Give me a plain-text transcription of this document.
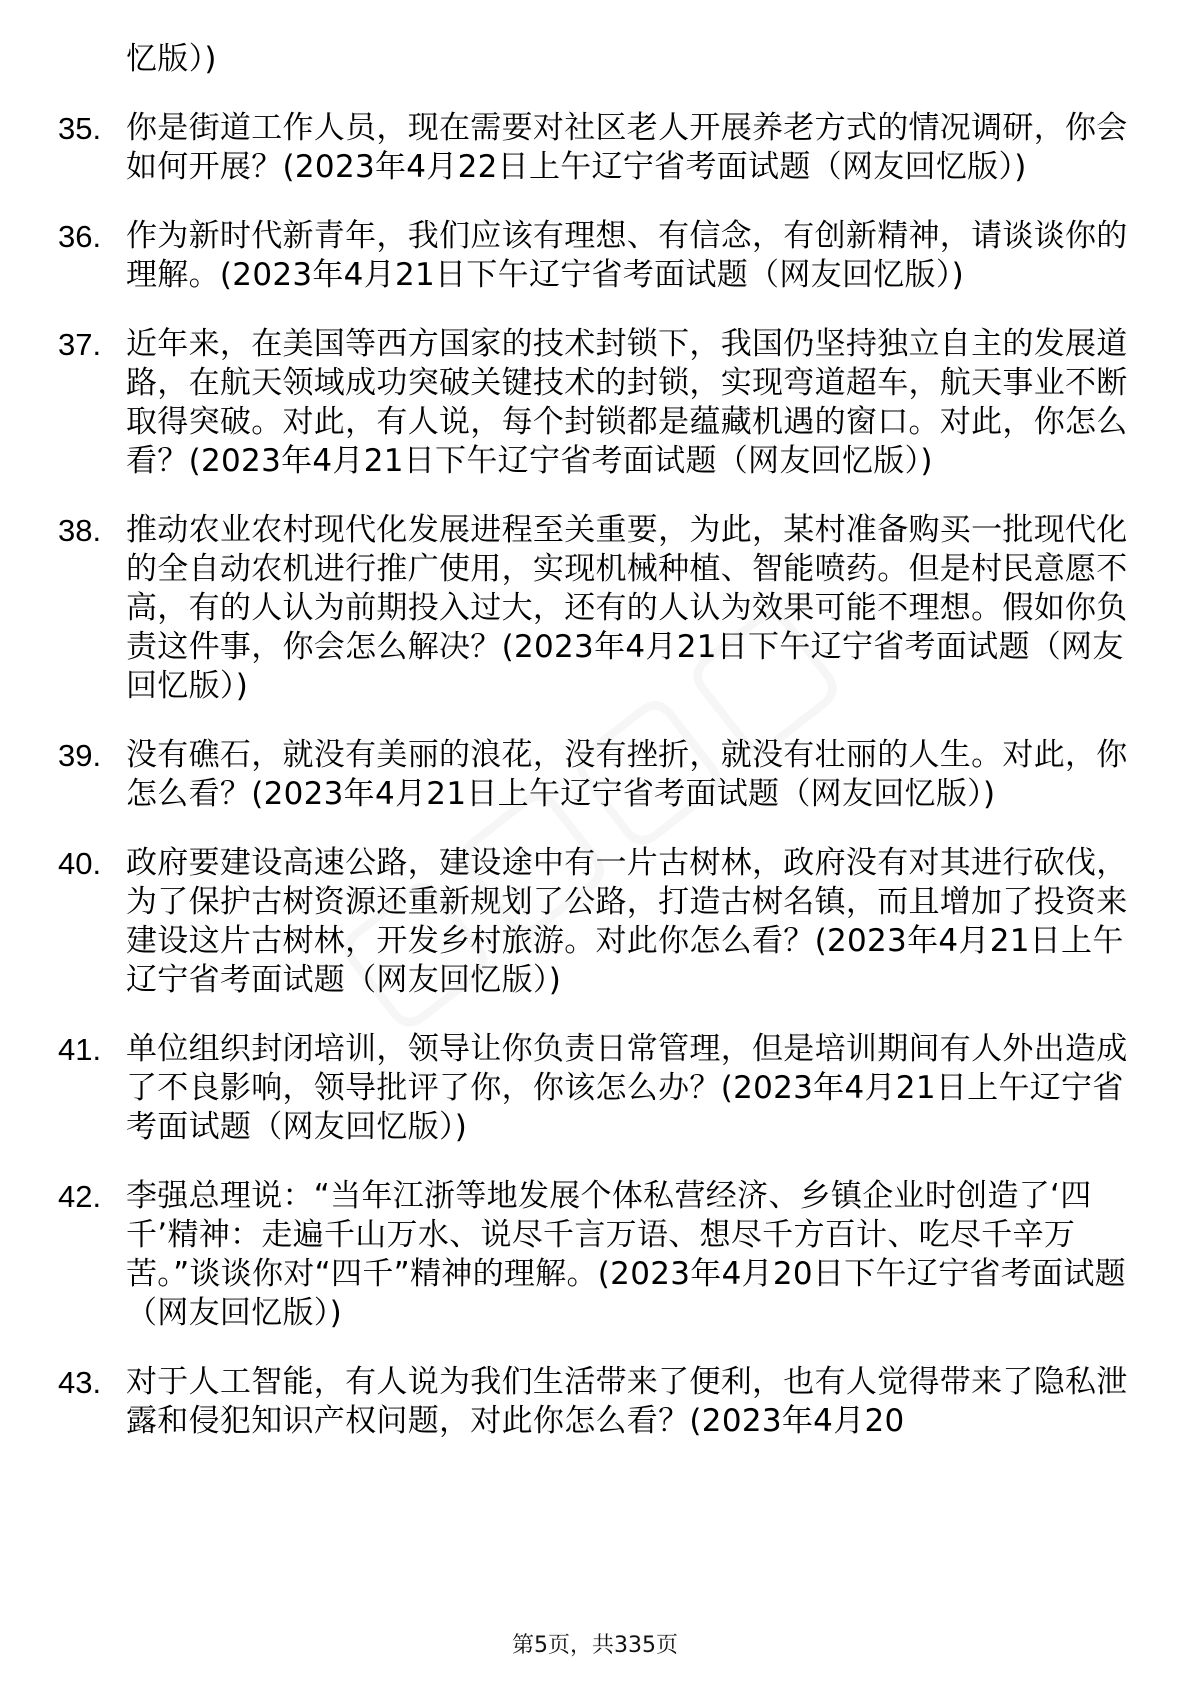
忆版）)
35. 你是街道工作人员，现在需要对社区老人开展养老方式的情况调研，你会如何开展？(2023年4月22日上午辽宁省考面试题（网友回忆版）)
36. 作为新时代新青年，我们应该有理想、有信念，有创新精神，请谈谈你的理解。(2023年4月21日下午辽宁省考面试题（网友回忆版）)
37. 近年来，在美国等西方国家的技术封锁下，我国仍坚持独立自主的发展道路，在航天领域成功突破关键技术的封锁，实现弯道超车，航天事业不断取得突破。对此，有人说，每个封锁都是蕴藏机遇的窗口。对此，你怎么看？(2023年4月21日下午辽宁省考面试题（网友回忆版）)
38. 推动农业农村现代化发展进程至关重要，为此，某村准备购买一批现代化的全自动农机进行推广使用，实现机械种植、智能喷药。但是村民意愿不高，有的人认为前期投入过大，还有的人认为效果可能不理想。假如你负责这件事，你会怎么解决？(2023年4月21日下午辽宁省考面试题（网友回忆版）)
39. 没有礁石，就没有美丽的浪花，没有挫折，就没有壮丽的人生。对此，你怎么看？(2023年4月21日上午辽宁省考面试题（网友回忆版）)
40. 政府要建设高速公路，建设途中有一片古树林，政府没有对其进行砍伐，为了保护古树资源还重新规划了公路，打造古树名镇，而且增加了投资来建设这片古树林，开发乡村旅游。对此你怎么看？(2023年4月21日上午辽宁省考面试题（网友回忆版）)
41. 单位组织封闭培训，领导让你负责日常管理，但是培训期间有人外出造成了不良影响，领导批评了你，你该怎么办？(2023年4月21日上午辽宁省考面试题（网友回忆版）)
42. 李强总理说：“当年江浙等地发展个体私营经济、乡镇企业时创造了‘四千’精神：走遍千山万水、说尽千言万语、想尽千方百计、吃尽千辛万苦。”谈谈你对“四千”精神的理解。(2023年4月20日下午辽宁省考面试题（网友回忆版）)
43. 对于人工智能，有人说为我们生活带来了便利，也有人觉得带来了隐私泄露和侵犯知识产权问题，对此你怎么看？(2023年4月20
第5页，共335页
